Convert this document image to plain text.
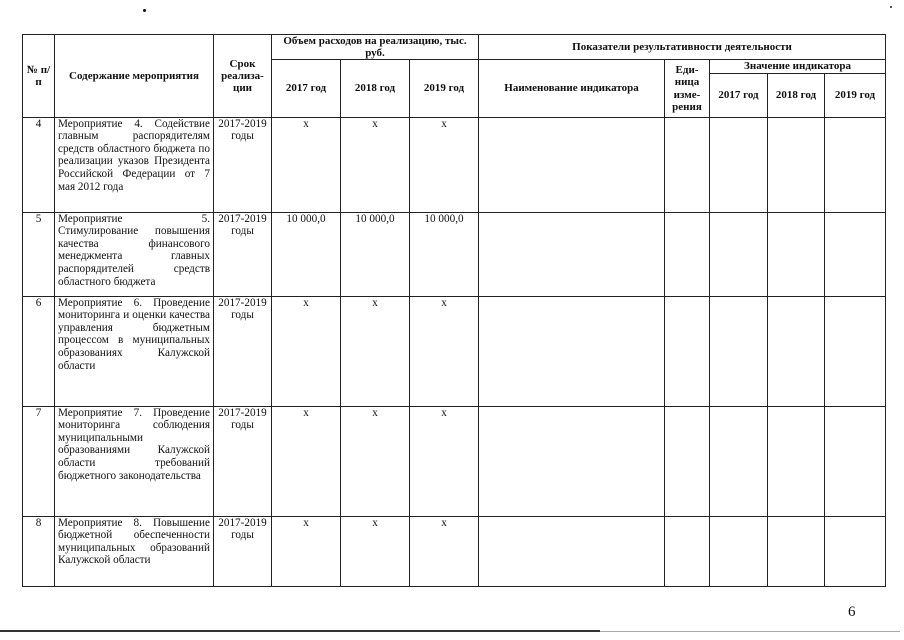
№ п/п	Содержание мероприятия	Срок реализа-ции	Объем расходов на реализацию, тыс. руб.			Показатели результативности деятельности				
			2017 год	2018 год	2019 год	Наименование индикатора	Еди-ница изме-рения	Значение индикатора		
								2017 год	2018 год	2019 год
4	Мероприятие 4. Содействие главным распорядителям средств областного бюджета по реализации указов Президента Российской Федерации от 7 мая 2012 года	2017-2019 годы	х	х	х					
5	Мероприятие 5. Стимулирование повышения качества финансового менеджмента главных распорядителей средств областного бюджета	2017-2019 годы	10 000,0	10 000,0	10 000,0					
6	Мероприятие 6. Проведение мониторинга и оценки качества управления бюджетным процессом в муниципальных образованиях Калужской области	2017-2019 годы	х	х	х					
7	Мероприятие 7. Проведение мониторинга соблюдения муниципальными образованиями Калужской области требований бюджетного законодательства	2017-2019 годы	х	х	х					
8	Мероприятие 8. Повышение бюджетной обеспеченности муниципальных образований Калужской области	2017-2019 годы	х	х	х					
6
